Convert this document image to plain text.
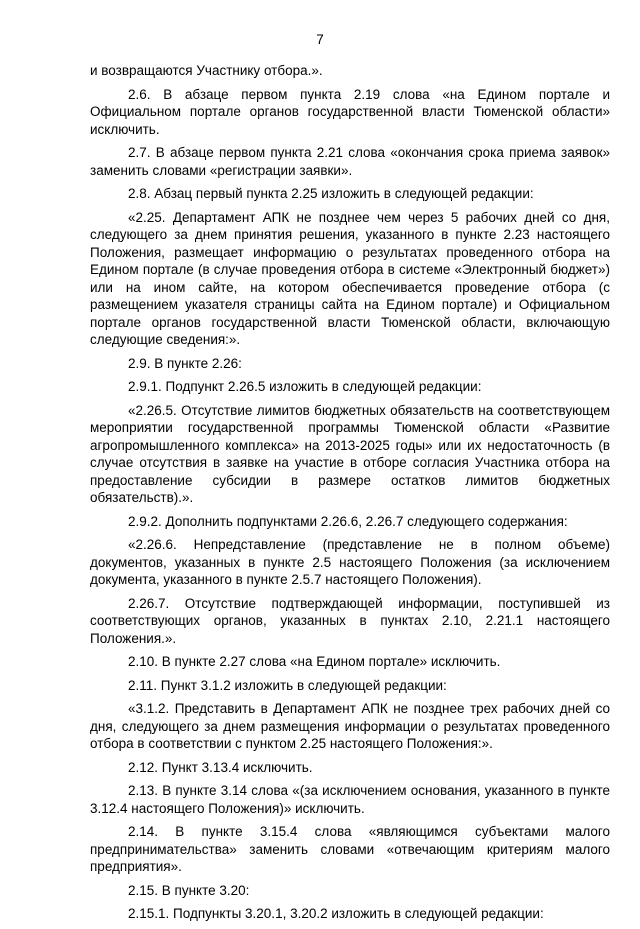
7

и возвращаются Участнику отбора.».

2.6. В абзаце первом пункта 2.19 слова «на Едином портале и Официальном портале органов государственной власти Тюменской области» исключить.

2.7. В абзаце первом пункта 2.21 слова «окончания срока приема заявок» заменить словами «регистрации заявки».

2.8. Абзац первый пункта 2.25 изложить в следующей редакции:

«2.25. Департамент АПК не позднее чем через 5 рабочих дней со дня, следующего за днем принятия решения, указанного в пункте 2.23 настоящего Положения, размещает информацию о результатах проведенного отбора на Едином портале (в случае проведения отбора в системе «Электронный бюджет») или на ином сайте, на котором обеспечивается проведение отбора (с размещением указателя страницы сайта на Едином портале) и Официальном портале органов государственной власти Тюменской области, включающую следующие сведения:».

2.9. В пункте 2.26:

2.9.1. Подпункт 2.26.5 изложить в следующей редакции:

«2.26.5. Отсутствие лимитов бюджетных обязательств на соответствующем мероприятии государственной программы Тюменской области «Развитие агропромышленного комплекса» на 2013-2025 годы» или их недостаточность (в случае отсутствия в заявке на участие в отборе согласия Участника отбора на предоставление субсидии в размере остатков лимитов бюджетных обязательств).».

2.9.2. Дополнить подпунктами 2.26.6, 2.26.7 следующего содержания:

«2.26.6. Непредставление (представление не в полном объеме) документов, указанных в пункте 2.5 настоящего Положения (за исключением документа, указанного в пункте 2.5.7 настоящего Положения).

2.26.7. Отсутствие подтверждающей информации, поступившей из соответствующих органов, указанных в пунктах 2.10, 2.21.1 настоящего Положения.».

2.10. В пункте 2.27 слова «на Едином портале» исключить.

2.11. Пункт 3.1.2 изложить в следующей редакции:

«3.1.2. Представить в Департамент АПК не позднее трех рабочих дней со дня, следующего за днем размещения информации о результатах проведенного отбора в соответствии с пунктом 2.25 настоящего Положения:».

2.12. Пункт 3.13.4 исключить.

2.13. В пункте 3.14 слова «(за исключением основания, указанного в пункте 3.12.4 настоящего Положения)» исключить.

2.14. В пункте 3.15.4 слова «являющимся субъектами малого предпринимательства» заменить словами «отвечающим критериям малого предприятия».

2.15. В пункте 3.20:

2.15.1. Подпункты 3.20.1, 3.20.2 изложить в следующей редакции:
